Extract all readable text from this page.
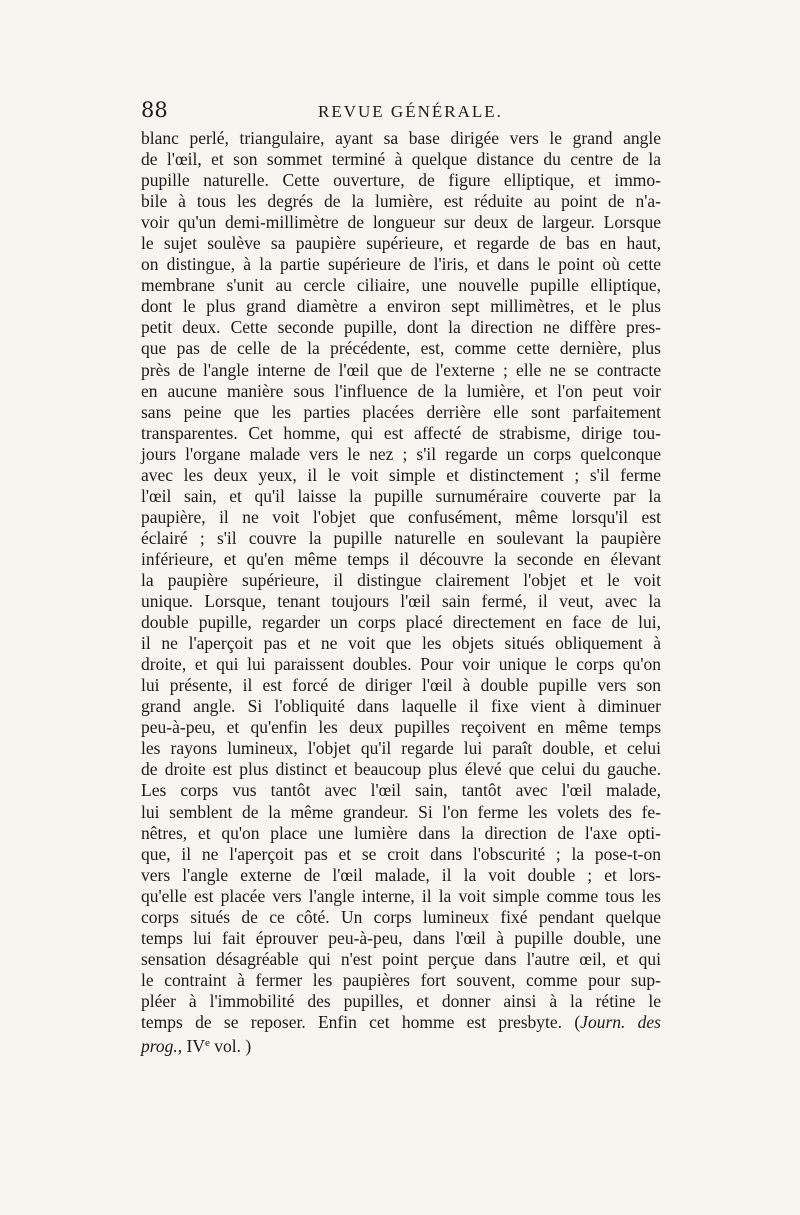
88	REVUE GÉNÉRALE.
blanc perlé, triangulaire, ayant sa base dirigée vers le grand angle
de l'œil, et son sommet terminé à quelque distance du centre de la
pupille naturelle. Cette ouverture, de figure elliptique, et immo-
bile à tous les degrés de la lumière, est réduite au point de n'a-
voir qu'un demi-millimètre de longueur sur deux de largeur. Lorsque
le sujet soulève sa paupière supérieure, et regarde de bas en haut,
on distingue, à la partie supérieure de l'iris, et dans le point où cette
membrane s'unit au cercle ciliaire, une nouvelle pupille elliptique,
dont le plus grand diamètre a environ sept millimètres, et le plus
petit deux. Cette seconde pupille, dont la direction ne diffère pres-
que pas de celle de la précédente, est, comme cette dernière, plus
près de l'angle interne de l'œil que de l'externe ; elle ne se contracte
en aucune manière sous l'influence de la lumière, et l'on peut voir
sans peine que les parties placées derrière elle sont parfaitement
transparentes. Cet homme, qui est affecté de strabisme, dirige tou-
jours l'organe malade vers le nez ; s'il regarde un corps quelconque
avec les deux yeux, il le voit simple et distinctement ; s'il ferme
l'œil sain, et qu'il laisse la pupille surnuméraire couverte par la
paupière, il ne voit l'objet que confusément, même lorsqu'il est
éclairé ; s'il couvre la pupille naturelle en soulevant la paupière
inférieure, et qu'en même temps il découvre la seconde en élevant
la paupière supérieure, il distingue clairement l'objet et le voit
unique. Lorsque, tenant toujours l'œil sain fermé, il veut, avec la
double pupille, regarder un corps placé directement en face de lui,
il ne l'aperçoit pas et ne voit que les objets situés obliquement à
droite, et qui lui paraissent doubles. Pour voir unique le corps qu'on
lui présente, il est forcé de diriger l'œil à double pupille vers son
grand angle. Si l'obliquité dans laquelle il fixe vient à diminuer
peu-à-peu, et qu'enfin les deux pupilles reçoivent en même temps
les rayons lumineux, l'objet qu'il regarde lui paraît double, et celui
de droite est plus distinct et beaucoup plus élevé que celui du gauche.
Les corps vus tantôt avec l'œil sain, tantôt avec l'œil malade,
lui semblent de la même grandeur. Si l'on ferme les volets des fe-
nêtres, et qu'on place une lumière dans la direction de l'axe opti-
que, il ne l'aperçoit pas et se croit dans l'obscurité ; la pose-t-on
vers l'angle externe de l'œil malade, il la voit double ; et lors-
qu'elle est placée vers l'angle interne, il la voit simple comme tous les
corps situés de ce côté. Un corps lumineux fixé pendant quelque
temps lui fait éprouver peu-à-peu, dans l'œil à pupille double, une
sensation désagréable qui n'est point perçue dans l'autre œil, et qui
le contraint à fermer les paupières fort souvent, comme pour sup-
pléer à l'immobilité des pupilles, et donner ainsi à la rétine le
temps de se reposer. Enfin cet homme est presbyte. (Journ. des
prog., IVe vol. )
